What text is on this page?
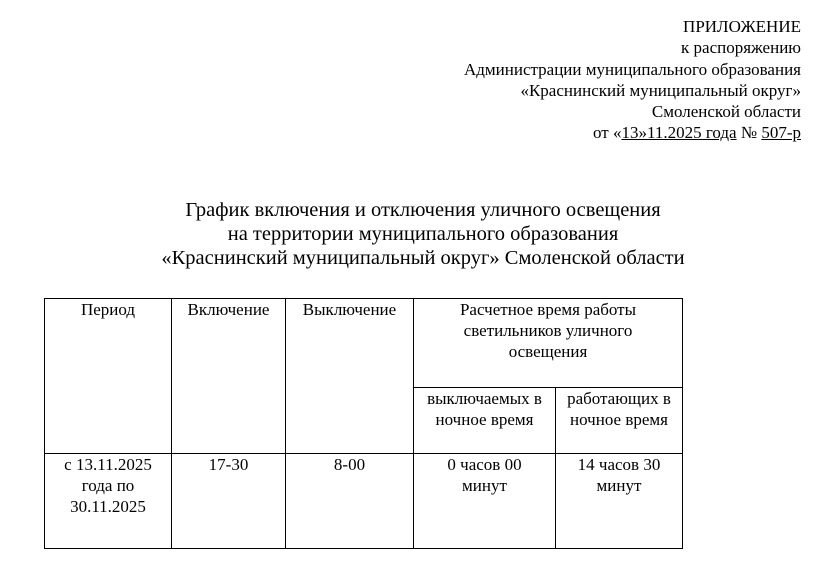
ПРИЛОЖЕНИЕ
к распоряжению
Администрации муниципального образования
«Краснинский муниципальный округ»
Смоленской области
от «13»11.2025 года № 507-р
График включения и отключения уличного освещения
на территории муниципального образования
«Краснинский муниципальный округ» Смоленской области
Период	Включение	Выключение	Расчетное время работы светильников уличного освещения	

			выключаемых в ночное время	работающих в ночное время

с 13.11.2025 года по 30.11.2025	17-30	8-00	0 часов 00 минут	14 часов 30 минут
